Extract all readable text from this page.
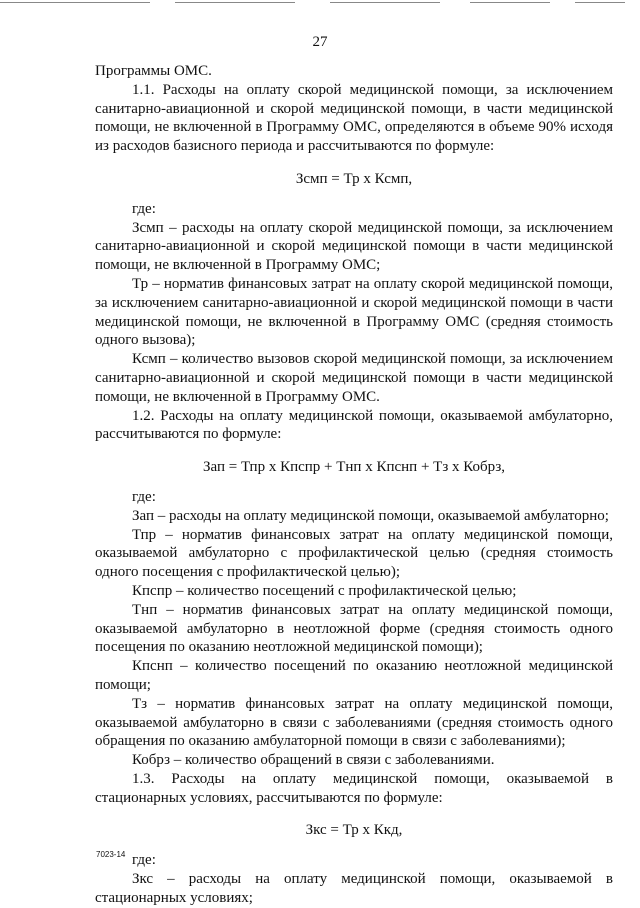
27

Программы ОМС.

1.1. Расходы на оплату скорой медицинской помощи, за исключением санитарно-авиационной и скорой медицинской помощи, в части медицинской помощи, не включенной в Программу ОМС, определяются в объеме 90% исходя из расходов базисного периода и рассчитываются по формуле:

Зсмп = Тр х Ксмп,

где:

Зсмп – расходы на оплату скорой медицинской помощи, за исключением санитарно-авиационной и скорой медицинской помощи в части медицинской помощи, не включенной в Программу ОМС;

Тр – норматив финансовых затрат на оплату скорой медицинской помощи, за исключением санитарно-авиационной и скорой медицинской помощи в части медицинской помощи, не включенной в Программу ОМС (средняя стоимость одного вызова);

Ксмп – количество вызовов скорой медицинской помощи, за исключением санитарно-авиационной и скорой медицинской помощи в части медицинской помощи, не включенной в Программу ОМС.

1.2. Расходы на оплату медицинской помощи, оказываемой амбулаторно, рассчитываются по формуле:

Зап = Тпр х Кпспр + Тнп х Кпснп + Тз х Кобрз,

где:

Зап – расходы на оплату медицинской помощи, оказываемой амбулаторно;

Тпр – норматив финансовых затрат на оплату медицинской помощи, оказываемой амбулаторно с профилактической целью (средняя стоимость одного посещения с профилактической целью);

Кпспр – количество посещений с профилактической целью;

Тнп – норматив финансовых затрат на оплату медицинской помощи, оказываемой амбулаторно в неотложной форме (средняя стоимость одного посещения по оказанию неотложной медицинской помощи);

Кпснп – количество посещений по оказанию неотложной медицинской помощи;

Тз – норматив финансовых затрат на оплату медицинской помощи, оказываемой амбулаторно в связи с заболеваниями (средняя стоимость одного обращения по оказанию амбулаторной помощи в связи с заболеваниями);

Кобрз – количество обращений в связи с заболеваниями.

1.3. Расходы на оплату медицинской помощи, оказываемой в стационарных условиях, рассчитываются по формуле:

Зкс = Тр х Ккд,

где:

Зкс – расходы на оплату медицинской помощи, оказываемой в стационарных условиях;

7023-14
